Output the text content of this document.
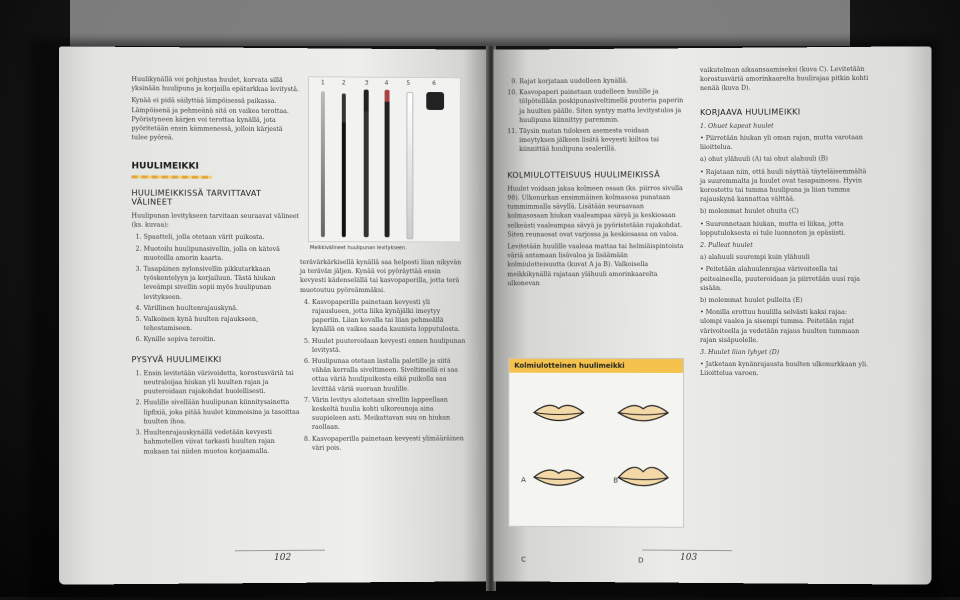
Huulikynällä voi pohjustaa huulet, korvata sillä yksinään huulipuna ja korjailla epätarkkaa levitystä.

Kynää ei pidä säilyttää lämpöisessä paikassa. Lämpöisenä ja pehmeänä sitä on vaikea terottaa. Pyöristyneen kärjen voi terottaa kynällä, jota pyöritetään ensin kämmenessä, jolloin kärjestä tulee pyöreä.

HUULIMEIKKI
HUULIMEIKKISSÄ TARVITTAVAT VÄLINEET

Huulipunan levitykseen tarvitaan seuraavat välineet (ks. kuvaa):

1. Spaatteli, jolla otetaan värit puikosta.
2. Muotoilu huulipunasivellin, jolla on kätevä muotoilla amorin kaarta.
3. Tasapäinen nylonsivellin pikkutarkkaan työskentelyyn ja korjailuun. Tästä hiukan leveämpi sivellin sopii myös huulipunan levitykseen.
4. Värillinen huultenrajauskynä.
5. Valkoinen kynä huulten rajaukseen, tehostamiseen.
6. Kynille sopiva teroitin.
PYSYVÄ HUULIMEIKKI
1. Ensin levitetään värivoidetta, korostusväriä tai neutraloijaa hiukan yli huulten rajan ja puuteroidaan rajakohdat huolellisesti.
2. Huulille sivellään huulipunan kiinnitysainetta lipfixiä, joka pitää huulet kimmoisina ja tasoittaa huulten ihoa.
3. Huultenrajauskynällä vedetään kevyesti hahmotellen viivat tarkasti huulten rajan mukaan tai niiden muotoa korjaamalla.
1	2	3	4	5	6
Meikkivälineet huulipunan levitykseen.

terävärkärkisellä kynällä saa helposti liian nikyvän ja terävän jäljen. Kynää voi pyöräyttää ensin kevyesti kädenselällä tai kasvopaperilla, jotta terä muotoutuu pyöreämmäksi.

4. Kasvopaperilla painetaan kevyesti yli rajauslueen, jotta liika kynäjälki imeytyy paperiin. Liian kovalla tai liian pehmeällä kynällä on vaikea saada kaunista lopputulosta.
5. Huulet puuteroidaan kevyesti ennen huulipunan levitystä.
6. Huulipunaa otetaan lastalla paletille ja siitä vähän kerralla siveltimeen. Siveltimellä ei saa ottaa väriä huulipuikosta eikä puikolla saa levittää väriä suoraan huulille.
7. Värin levitys aloitetaan sivellin lappeellaan keskeltä huulia kohti ulkoreunoja aina suupieleen asti. Meikattavan suu on hiukan raollaan.
8. Kasvopaperilla painetaan kevyesti ylimääräinen väri pois.
102
9. Rajat korjataan uudelleen kynällä.
10. Kasvopaperi painetaan uudelleen huulille ja tölpötellään poskipunasiveltimellä puuteria paperin ja huulten päälle. Siten syntyy matta levitystulos ja huulipuna kiinnittyy paremmin.
11. Täysin matan tuloksen asemesta voidaan imeytyksen jälkeen lisätä kevyesti kiiltoa tai kiinnittää huulipuna sealerillä.
KOLMIULOTTEISUUS HUULIMEIKISSÄ

Huulet voidaan jakaa kolmeen osaan (ks. piirros sivulla 98). Ulkonurkan ensimmäinen kolmasosa punataan tummimmalla sävyllä. Lisätään seuraavaan kolmasosaan hiukan vaaleampaa sävyä ja keskiosaan selkeästi vaaleampaa sävyä ja pyöristetään rajakohdat. Siten reunaosat ovat varjossa ja keskiosassa on valoa.

Levitetään huulille vaaleaa mattaa tai helmiäispintoista väriä antamaan lisävaloa ja lisäämään kolmiulotteisuutta (kuvat A ja B). Valkoisella meikkikynällä rajataan ylähuuli amorinkaarelta ulkonevan

Kolmiulotteinen huulimeikki
A	B
C	D

vaikutelman aikaansaamiseksi (kuva C). Levitetään korostusväriä amorinkaarelta huulirajaa pitkin kohti nenää (kuva D).

KORJAAVA HUULIMEIKKI

1. Ohuet kapeat huulet

• Piirretään hiukan yli oman rajan, mutta varotaan liioittelua.

a) ohut ylähuuli (A) tai ohut alahuuli (B)

• Rajataan niin, että huuli näyttää täyteläisemmältä ja suuremmalta ja huulet ovat tasapainossa. Hyvin korostettu tai tumma huulipuna ja liian tumma rajauskynä kannattaa välttää.

b) molemmat huulet ohuita (C)

• Suurennetaan hiukan, mutta ei liikaa, jotta lopputuloksesta ei tule luonnoton ja epäsiisti.

2. Pulleat huulet

a) alahuuli suurempi kuin ylähuuli

• Peitetään alahuulenrajaa värivoiteella tai peiteaineella, puuteroidaan ja piirretään uusi raja sisään.

b) molemmat huulet pulleita (E)

• Monilla erottuu huulilla selvästi kaksi rajaa: ulompi vaalea ja sisempi tumma. Peitetään rajat värivoiteella ja vedetään rajaus huulten tummaan rajan sisäpuolelle.

3. Huulet liian lyhyet (D)

• Jatketaan kynänrajausta huulten ulkonurkkaan yli. Liioittelua varoen.

103
